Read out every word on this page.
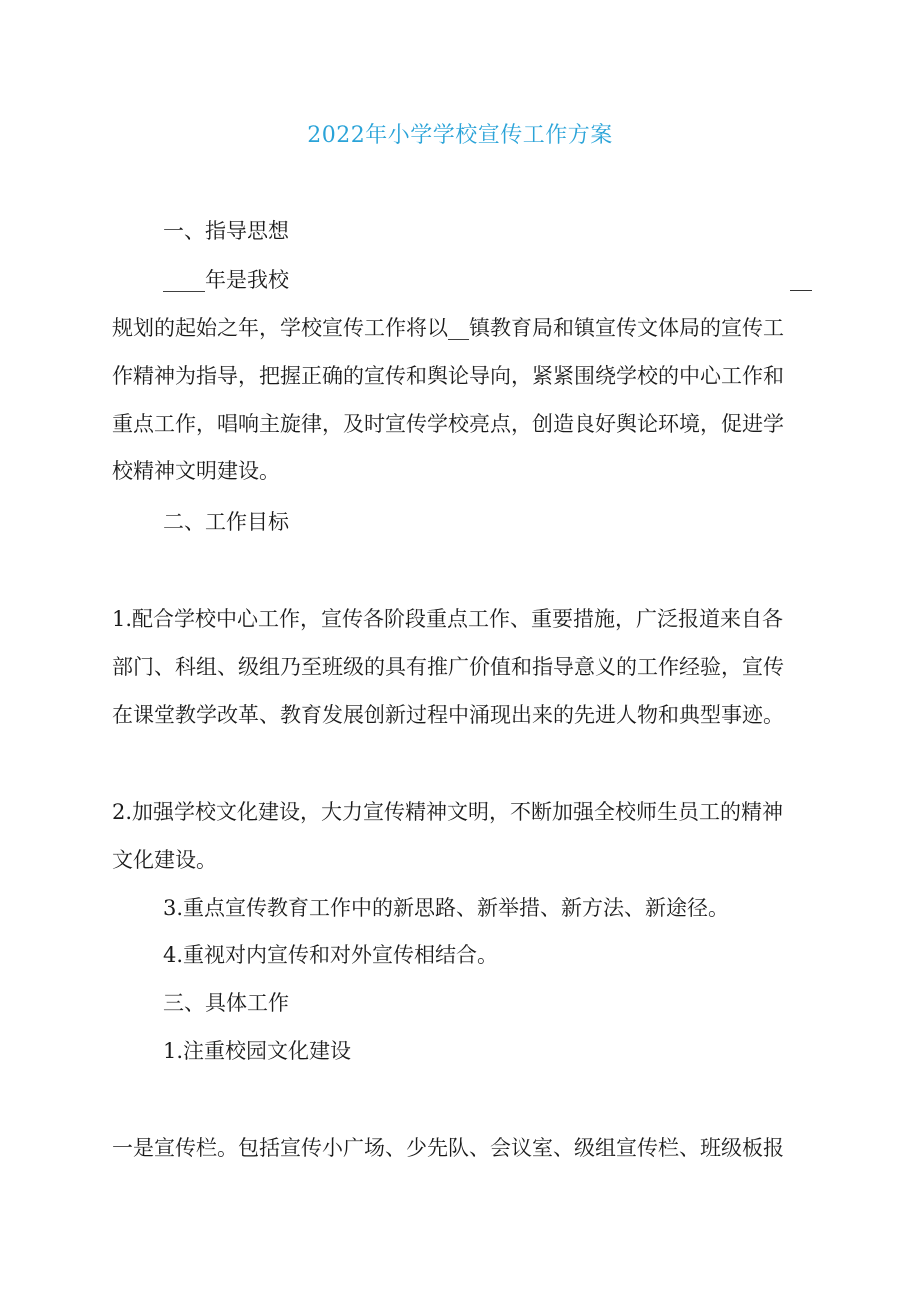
2022年小学学校宣传工作方案
一、指导思想
____年是我校
规划的起始之年，学校宣传工作将以__镇教育局和镇宣传文体局的宣传工
作精神为指导，把握正确的宣传和舆论导向，紧紧围绕学校的中心工作和
重点工作，唱响主旋律，及时宣传学校亮点，创造良好舆论环境，促进学
校精神文明建设。
二、工作目标
1.配合学校中心工作，宣传各阶段重点工作、重要措施，广泛报道来自各
部门、科组、级组乃至班级的具有推广价值和指导意义的工作经验，宣传
在课堂教学改革、教育发展创新过程中涌现出来的先进人物和典型事迹。
2.加强学校文化建设，大力宣传精神文明，不断加强全校师生员工的精神
文化建设。
3.重点宣传教育工作中的新思路、新举措、新方法、新途径。
4.重视对内宣传和对外宣传相结合。
三、具体工作
1.注重校园文化建设
一是宣传栏。包括宣传小广场、少先队、会议室、级组宣传栏、班级板报
